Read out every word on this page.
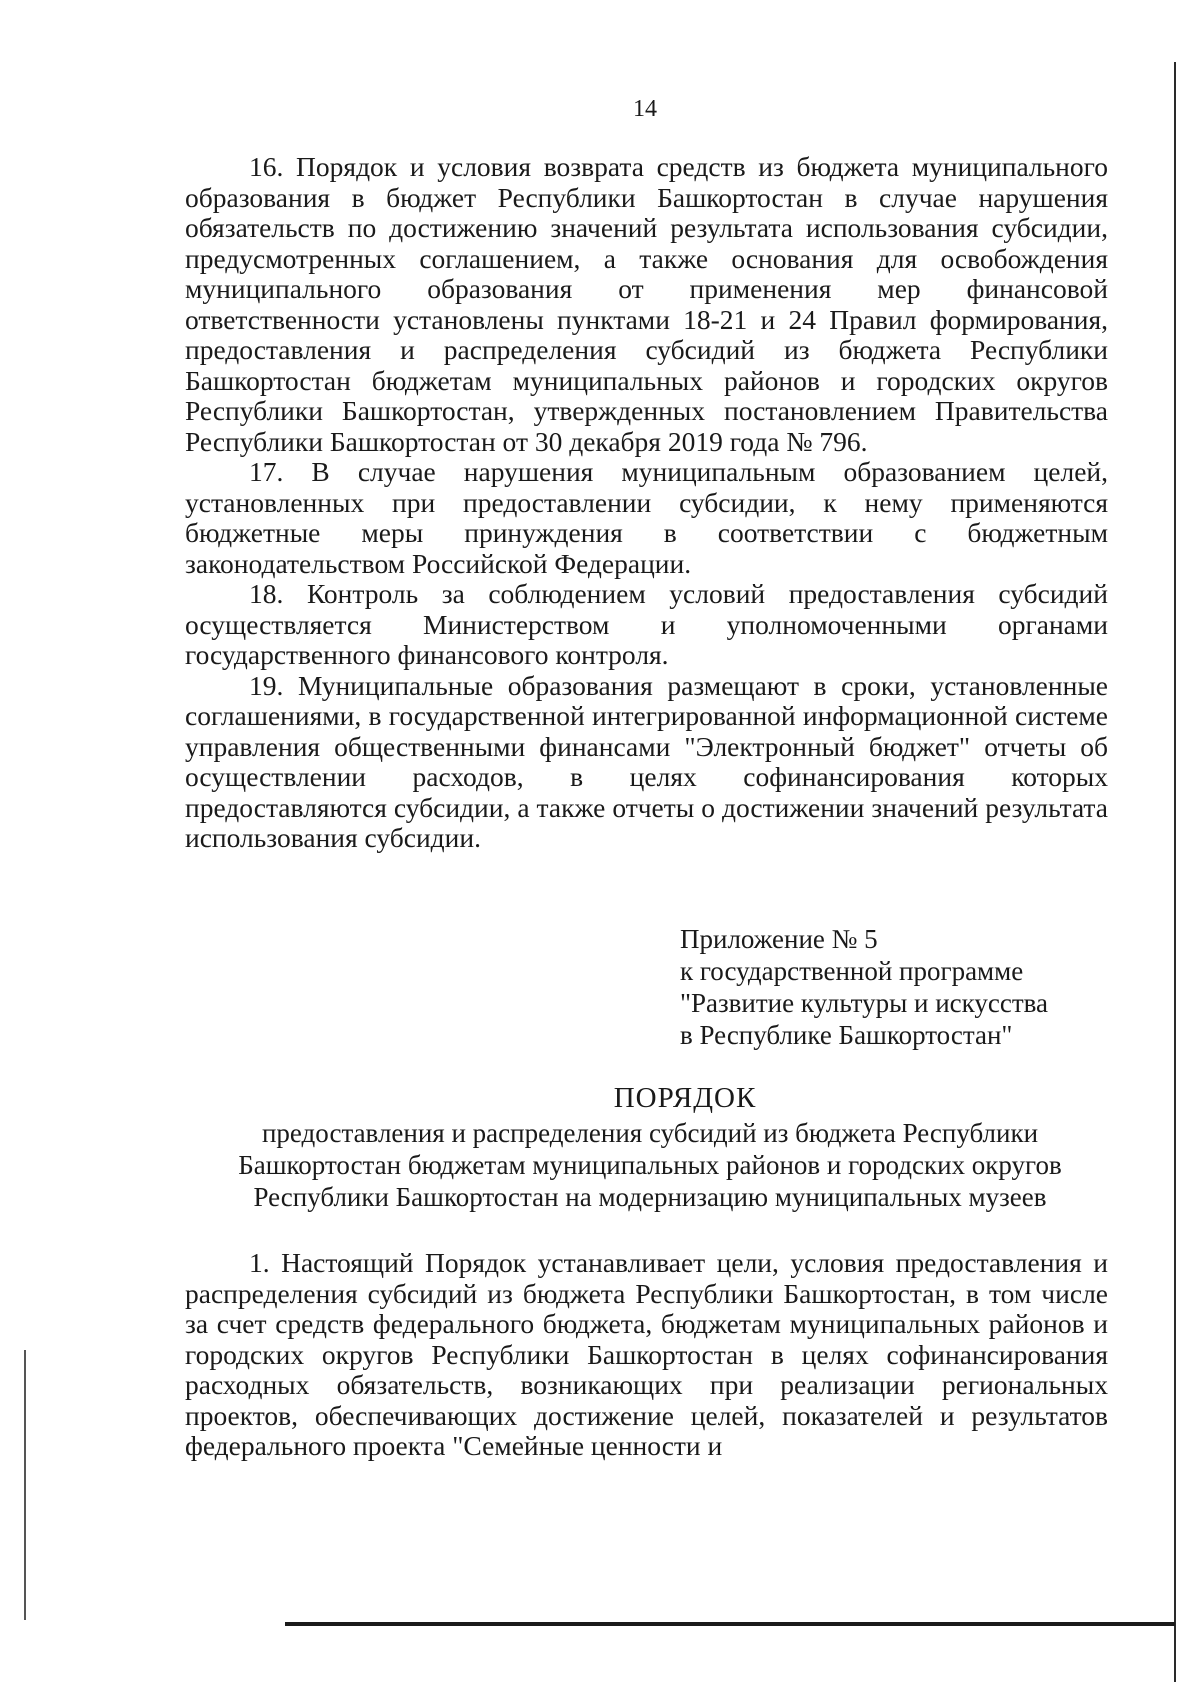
14

16. Порядок и условия возврата средств из бюджета муниципального образования в бюджет Республики Башкортостан в случае нарушения обязательств по достижению значений результата использования субсидии, предусмотренных соглашением, а также основания для освобождения муниципального образования от применения мер финансовой ответственности установлены пунктами 18-21 и 24 Правил формирования, предоставления и распределения субсидий из бюджета Республики Башкортостан бюджетам муниципальных районов и городских округов Республики Башкортостан, утвержденных постановлением Правительства Республики Башкортостан от 30 декабря 2019 года № 796.

17. В случае нарушения муниципальным образованием целей, установленных при предоставлении субсидии, к нему применяются бюджетные меры принуждения в соответствии с бюджетным законодательством Российской Федерации.

18. Контроль за соблюдением условий предоставления субсидий осуществляется Министерством и уполномоченными органами государственного финансового контроля.

19. Муниципальные образования размещают в сроки, установленные соглашениями, в государственной интегрированной информационной системе управления общественными финансами "Электронный бюджет" отчеты об осуществлении расходов, в целях софинансирования которых предоставляются субсидии, а также отчеты о достижении значений результата использования субсидии.

Приложение № 5
к государственной программе
"Развитие культуры и искусства
в Республике Башкортостан"
ПОРЯДОК
предоставления и распределения субсидий из бюджета Республики
Башкортостан бюджетам муниципальных районов и городских округов
Республики Башкортостан на модернизацию муниципальных музеев

1. Настоящий Порядок устанавливает цели, условия предоставления и распределения субсидий из бюджета Республики Башкортостан, в том числе за счет средств федерального бюджета, бюджетам муниципальных районов и городских округов Республики Башкортостан в целях софинансирования расходных обязательств, возникающих при реализации региональных проектов, обеспечивающих достижение целей, показателей и результатов федерального проекта "Семейные ценности и
